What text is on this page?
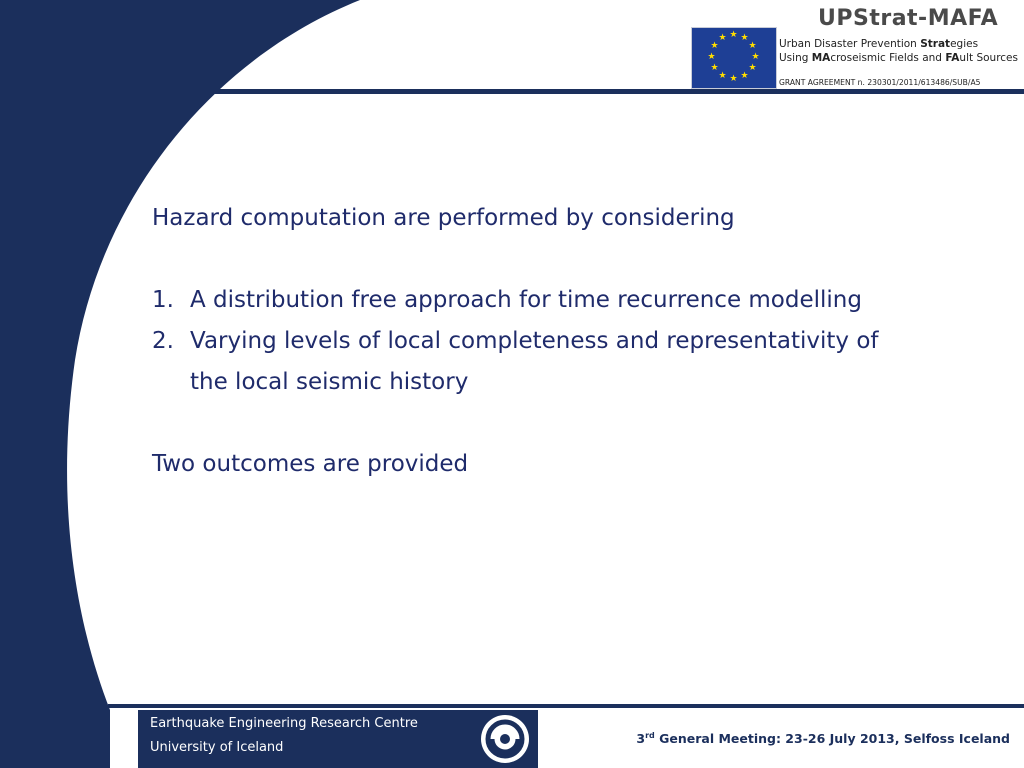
★ ★
★
★
★
★
★
★
★
★
★
★
UPStrat-MAFA
Urban Disaster Prevention Strategies
Using MAcroseismic Fields and FAult Sources
GRANT AGREEMENT n. 230301/2011/613486/SUB/A5

Hazard computation are performed by considering

1. A distribution free approach for time recurrence modelling
2. Varying levels of local completeness and representativity of the local seismic history

Two outcomes are provided

Earthquake Engineering Research Centre
University of Iceland
3rd General Meeting: 23-26 July 2013, Selfoss Iceland
